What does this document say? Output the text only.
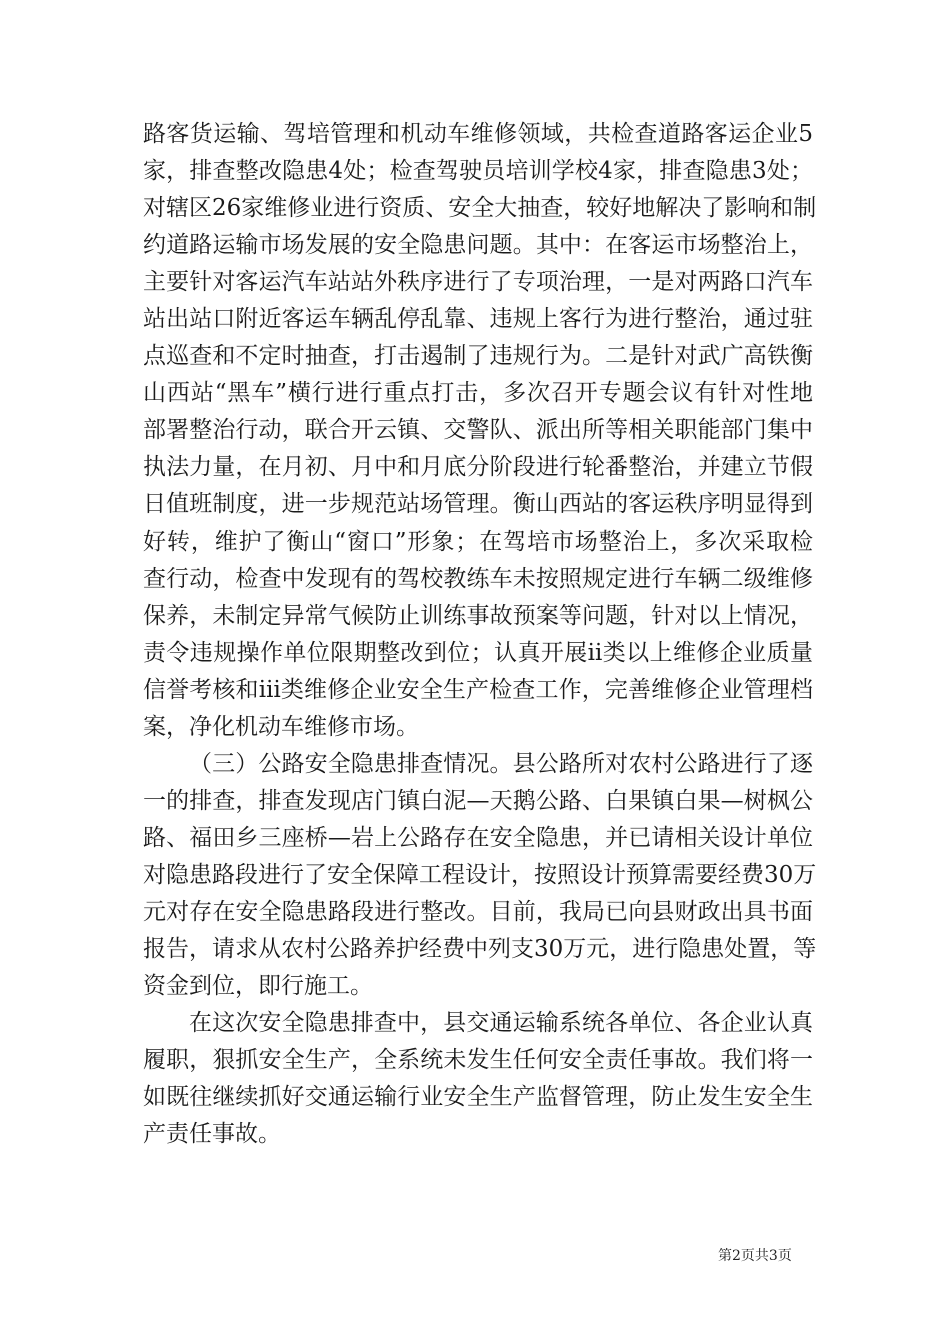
路客货运输、驾培管理和机动车维修领域，共检查道路客运企业5
家，排查整改隐患4处；检查驾驶员培训学校4家，排查隐患3处；
对辖区26家维修业进行资质、安全大抽查，较好地解决了影响和制
约道路运输市场发展的安全隐患问题。其中：在客运市场整治上，
主要针对客运汽车站站外秩序进行了专项治理，一是对两路口汽车
站出站口附近客运车辆乱停乱靠、违规上客行为进行整治，通过驻
点巡查和不定时抽查，打击遏制了违规行为。二是针对武广高铁衡
山西站“黑车”横行进行重点打击，多次召开专题会议有针对性地
部署整治行动，联合开云镇、交警队、派出所等相关职能部门集中
执法力量，在月初、月中和月底分阶段进行轮番整治，并建立节假
日值班制度，进一步规范站场管理。衡山西站的客运秩序明显得到
好转，维护了衡山“窗口”形象；在驾培市场整治上，多次采取检
查行动，检查中发现有的驾校教练车未按照规定进行车辆二级维修
保养，未制定异常气候防止训练事故预案等问题，针对以上情况，
责令违规操作单位限期整改到位；认真开展ⅱ类以上维修企业质量
信誉考核和ⅲ类维修企业安全生产检查工作，完善维修企业管理档
案，净化机动车维修市场。
（三）公路安全隐患排查情况。县公路所对农村公路进行了逐
一的排查，排查发现店门镇白泥—天鹅公路、白果镇白果—树枫公
路、福田乡三座桥—岩上公路存在安全隐患，并已请相关设计单位
对隐患路段进行了安全保障工程设计，按照设计预算需要经费30万
元对存在安全隐患路段进行整改。目前，我局已向县财政出具书面
报告，请求从农村公路养护经费中列支30万元，进行隐患处置，等
资金到位，即行施工。
在这次安全隐患排查中，县交通运输系统各单位、各企业认真
履职，狠抓安全生产，全系统未发生任何安全责任事故。我们将一
如既往继续抓好交通运输行业安全生产监督管理，防止发生安全生
产责任事故。
第2页共3页
